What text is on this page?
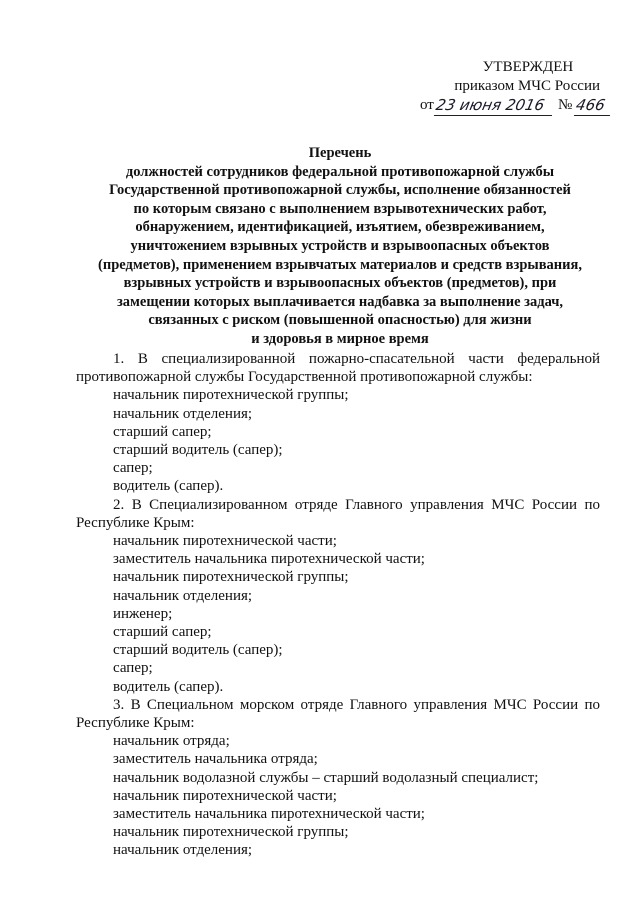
УТВЕРЖДЕН
приказом МЧС России
от 23 июня 2016 № 466
Перечень
должностей сотрудников федеральной противопожарной службы
Государственной противопожарной службы, исполнение обязанностей
по которым связано с выполнением взрывотехнических работ,
обнаружением, идентификацией, изъятием, обезвреживанием,
уничтожением взрывных устройств и взрывоопасных объектов
(предметов), применением взрывчатых материалов и средств взрывания,
взрывных устройств и взрывоопасных объектов (предметов), при
замещении которых выплачивается надбавка за выполнение задач,
связанных с риском (повышенной опасностью) для жизни
и здоровья в мирное время

1. В специализированной пожарно-спасательной части федеральной противопожарной службы Государственной противопожарной службы:

начальник пиротехнической группы;

начальник отделения;

старший сапер;

старший водитель (сапер);

сапер;

водитель (сапер).

2. В Специализированном отряде Главного управления МЧС России по Республике Крым:

начальник пиротехнической части;

заместитель начальника пиротехнической части;

начальник пиротехнической группы;

начальник отделения;

инженер;

старший сапер;

старший водитель (сапер);

сапер;

водитель (сапер).

3. В Специальном морском отряде Главного управления МЧС России по Республике Крым:

начальник отряда;

заместитель начальника отряда;

начальник водолазной службы – старший водолазный специалист;

начальник пиротехнической части;

заместитель начальника пиротехнической части;

начальник пиротехнической группы;

начальник отделения;
